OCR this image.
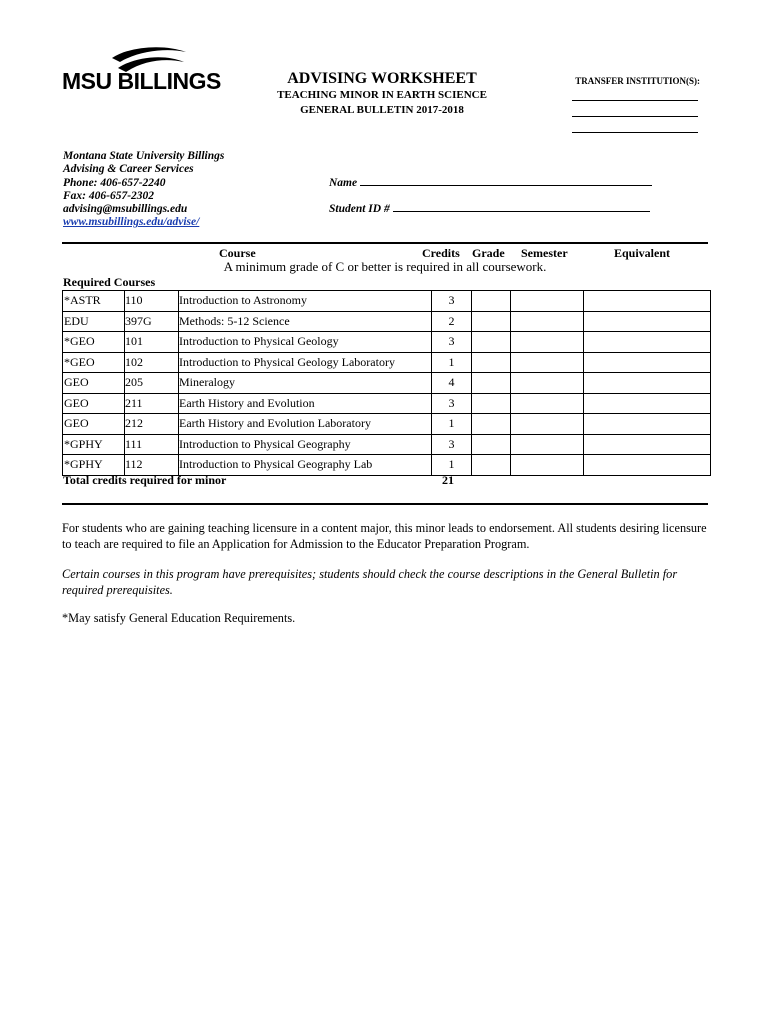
MSU BILLINGS	ADVISING WORKSHEET
TEACHING MINOR IN EARTH SCIENCE
GENERAL BULLETIN 2017-2018
TRANSFER INSTITUTION(S):
Montana State University Billings
Advising & Career Services
Phone: 406-657-2240
Fax: 406-657-2302
advising@msubillings.edu
www.msubillings.edu/advise/
Name
Student ID #
Course	Credits Grade Semester	Equivalent
A minimum grade of C or better is required in all coursework.
Required Courses
*ASTR	110	Introduction to Astronomy	3			
EDU	397G	Methods: 5-12 Science	2			
*GEO	101	Introduction to Physical Geology	3			
*GEO	102	Introduction to Physical Geology Laboratory	1			
GEO	205	Mineralogy	4			
GEO	211	Earth History and Evolution	3			
GEO	212	Earth History and Evolution Laboratory	1			
*GPHY	111	Introduction to Physical Geography	3			
*GPHY	112	Introduction to Physical Geography Lab	1			
Total credits required for minor	21
For students who are gaining teaching licensure in a content major, this minor leads to endorsement. All students desiring licensure to teach are required to file an Application for Admission to the Educator Preparation Program.
Certain courses in this program have prerequisites; students should check the course descriptions in the General Bulletin for required prerequisites.
*May satisfy General Education Requirements.
